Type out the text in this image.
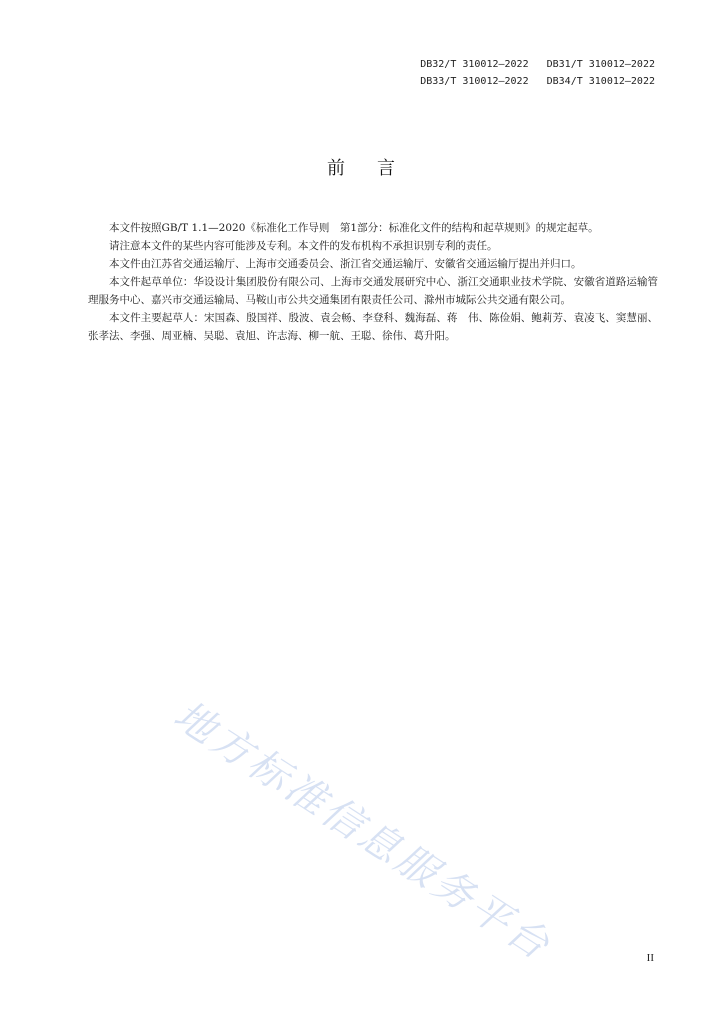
DB32/T 310012—2022 DB31/T 310012—2022
DB33/T 310012—2022 DB34/T 310012—2022
前 言

本文件按照GB/T 1.1—2020《标准化工作导则　第1部分：标准化文件的结构和起草规则》的规定起草。

请注意本文件的某些内容可能涉及专利。本文件的发布机构不承担识别专利的责任。

本文件由江苏省交通运输厅、上海市交通委员会、浙江省交通运输厅、安徽省交通运输厅提出并归口。

本文件起草单位：华设设计集团股份有限公司、上海市交通发展研究中心、浙江交通职业技术学院、安徽省道路运输管理服务中心、嘉兴市交通运输局、马鞍山市公共交通集团有限责任公司、滁州市城际公共交通有限公司。

本文件主要起草人：宋国森、殷国祥、殷波、袁会畅、李登科、魏海磊、蒋　伟、陈俭娟、鲍莉芳、袁凌飞、窦慧丽、张孝法、李强、周亚楠、吴聪、袁旭、许志海、柳一航、王聪、徐伟、葛升阳。

地方标准信息服务平台	II
